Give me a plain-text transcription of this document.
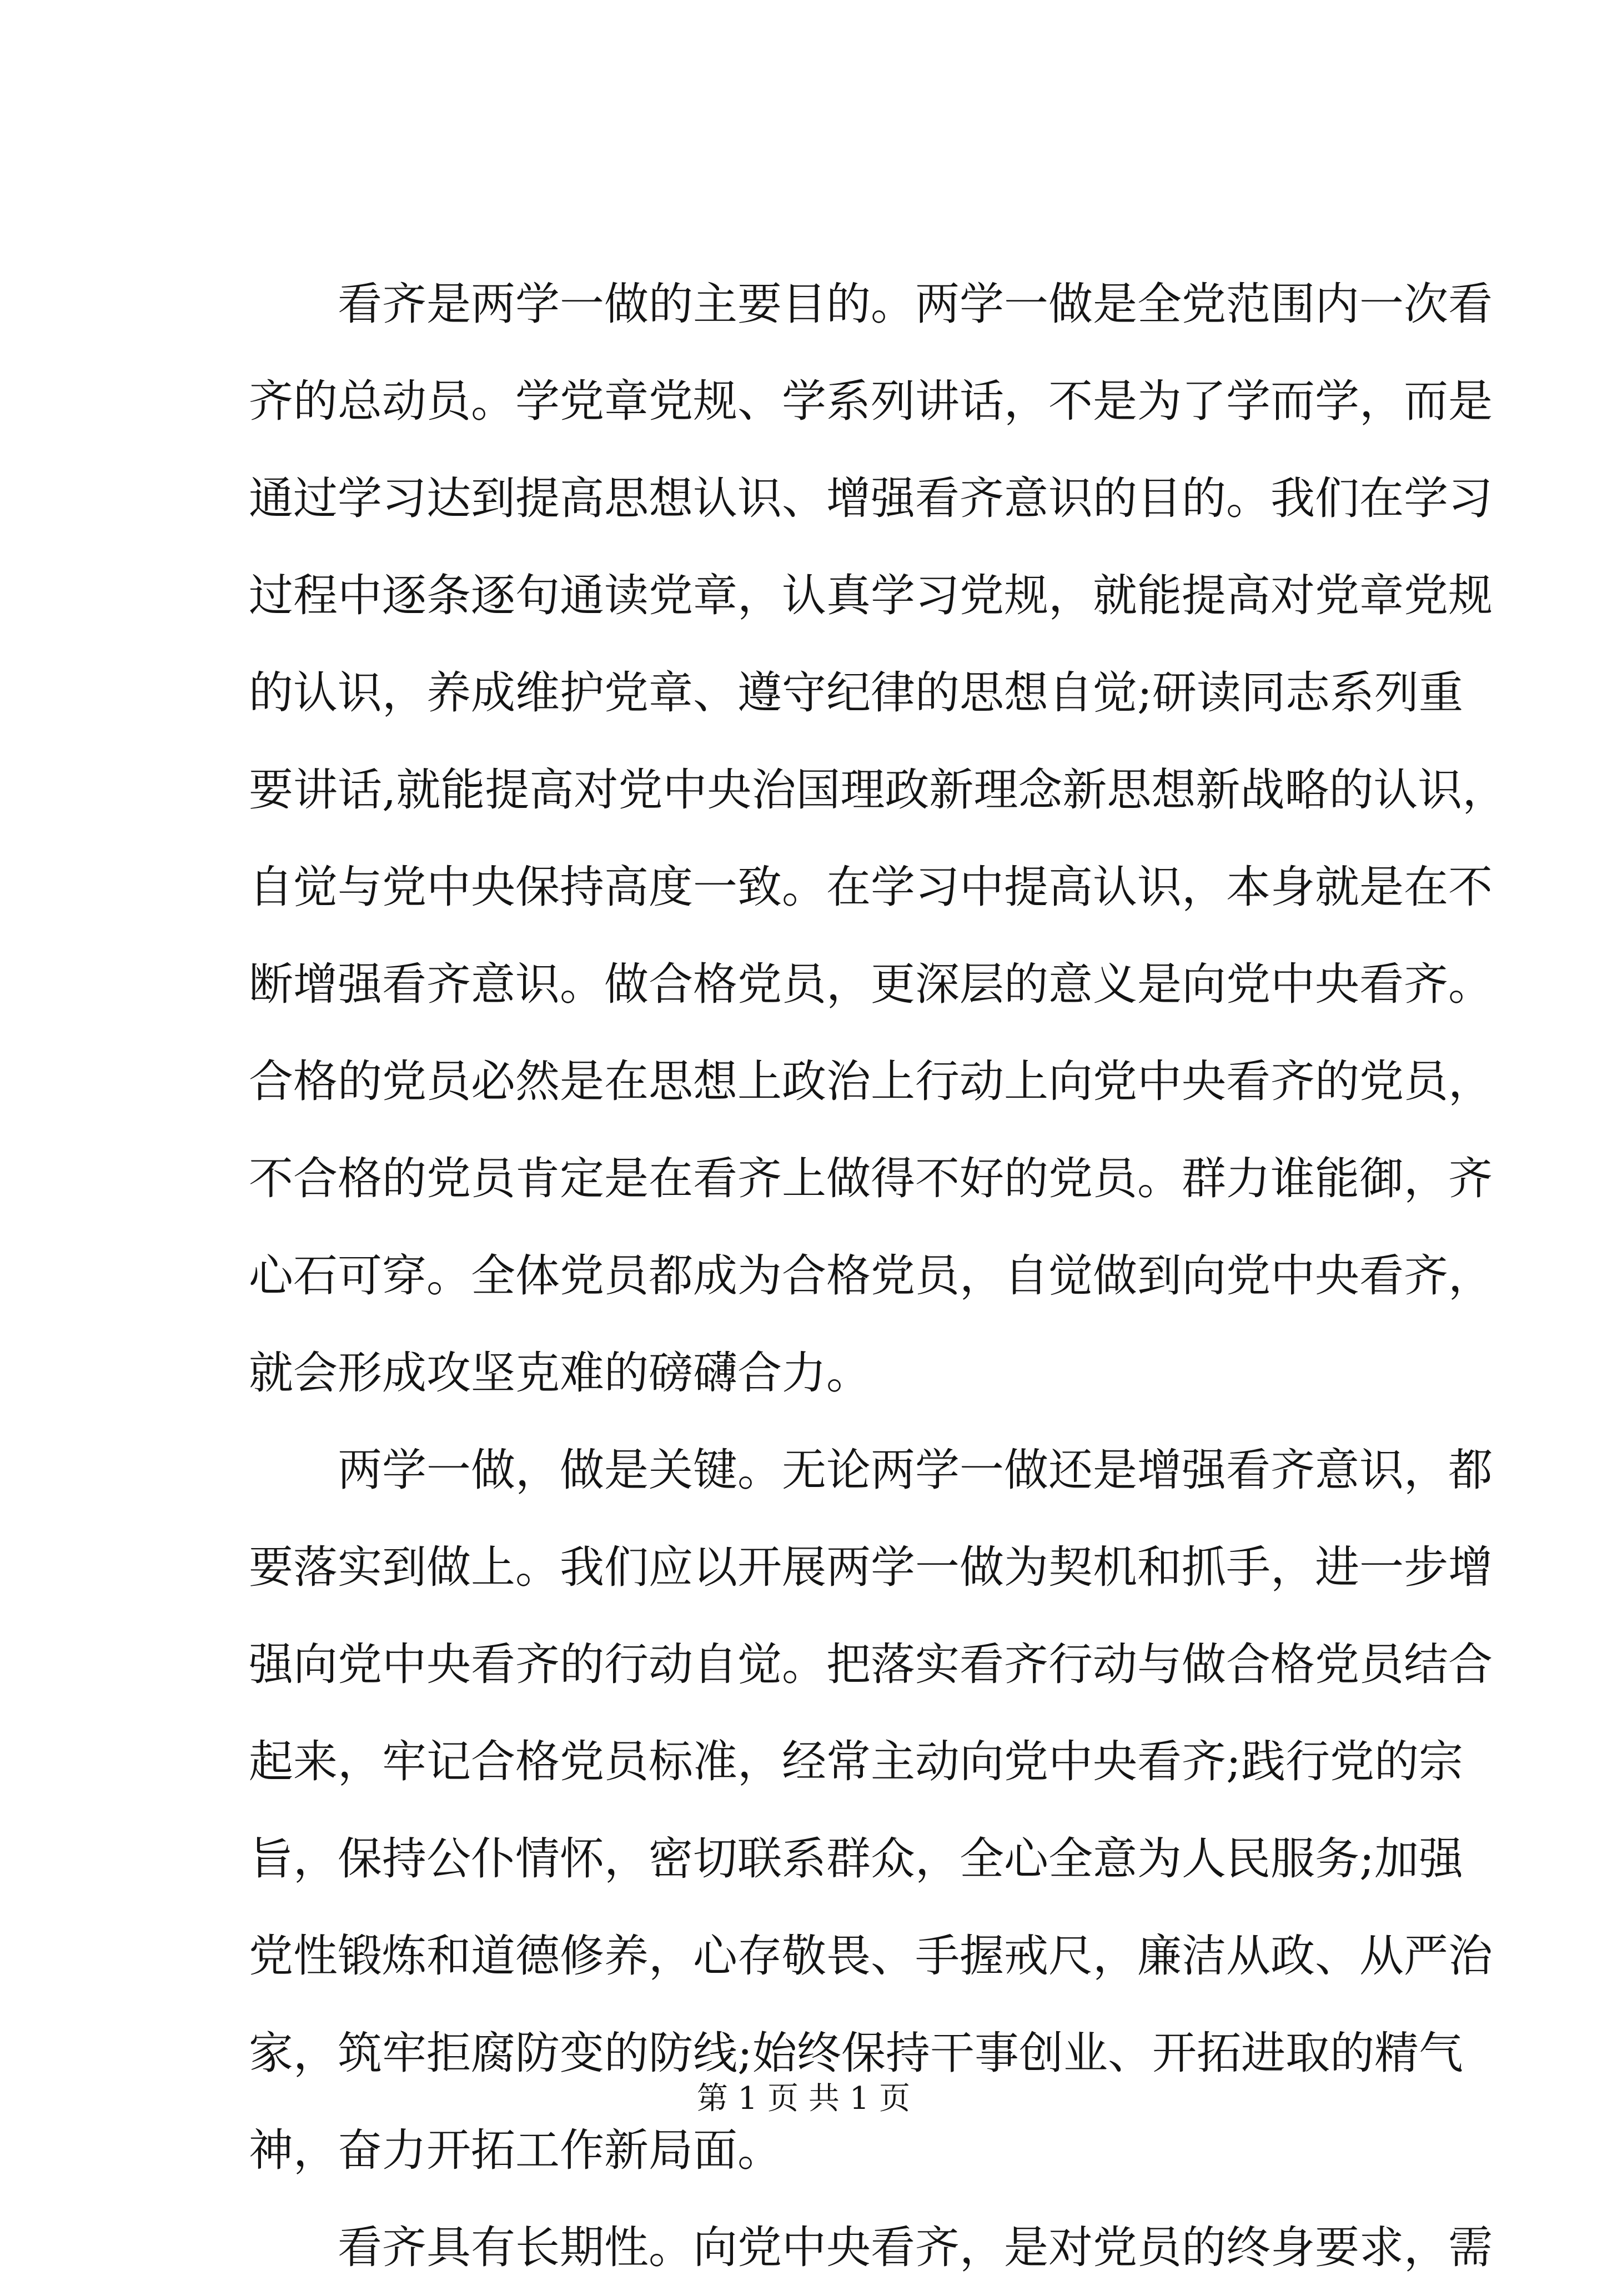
看齐是两学一做的主要目的。两学一做是全党范围内一次看
齐的总动员。学党章党规、学系列讲话，不是为了学而学，而是
通过学习达到提高思想认识、增强看齐意识的目的。我们在学习
过程中逐条逐句通读党章，认真学习党规，就能提高对党章党规
的认识，养成维护党章、遵守纪律的思想自觉;研读同志系列重
要讲话,就能提高对党中央治国理政新理念新思想新战略的认识，
自觉与党中央保持高度一致。在学习中提高认识，本身就是在不
断增强看齐意识。做合格党员，更深层的意义是向党中央看齐。
合格的党员必然是在思想上政治上行动上向党中央看齐的党员，
不合格的党员肯定是在看齐上做得不好的党员。群力谁能御，齐
心石可穿。全体党员都成为合格党员，自觉做到向党中央看齐，
就会形成攻坚克难的磅礴合力。
两学一做，做是关键。无论两学一做还是增强看齐意识，都
要落实到做上。我们应以开展两学一做为契机和抓手，进一步增
强向党中央看齐的行动自觉。把落实看齐行动与做合格党员结合
起来，牢记合格党员标准，经常主动向党中央看齐;践行党的宗
旨，保持公仆情怀，密切联系群众，全心全意为人民服务;加强
党性锻炼和道德修养，心存敬畏、手握戒尺，廉洁从政、从严治
家，筑牢拒腐防变的防线;始终保持干事创业、开拓进取的精气
神，奋力开拓工作新局面。
看齐具有长期性。向党中央看齐，是对党员的终身要求，需
第 1 页 共 1 页
